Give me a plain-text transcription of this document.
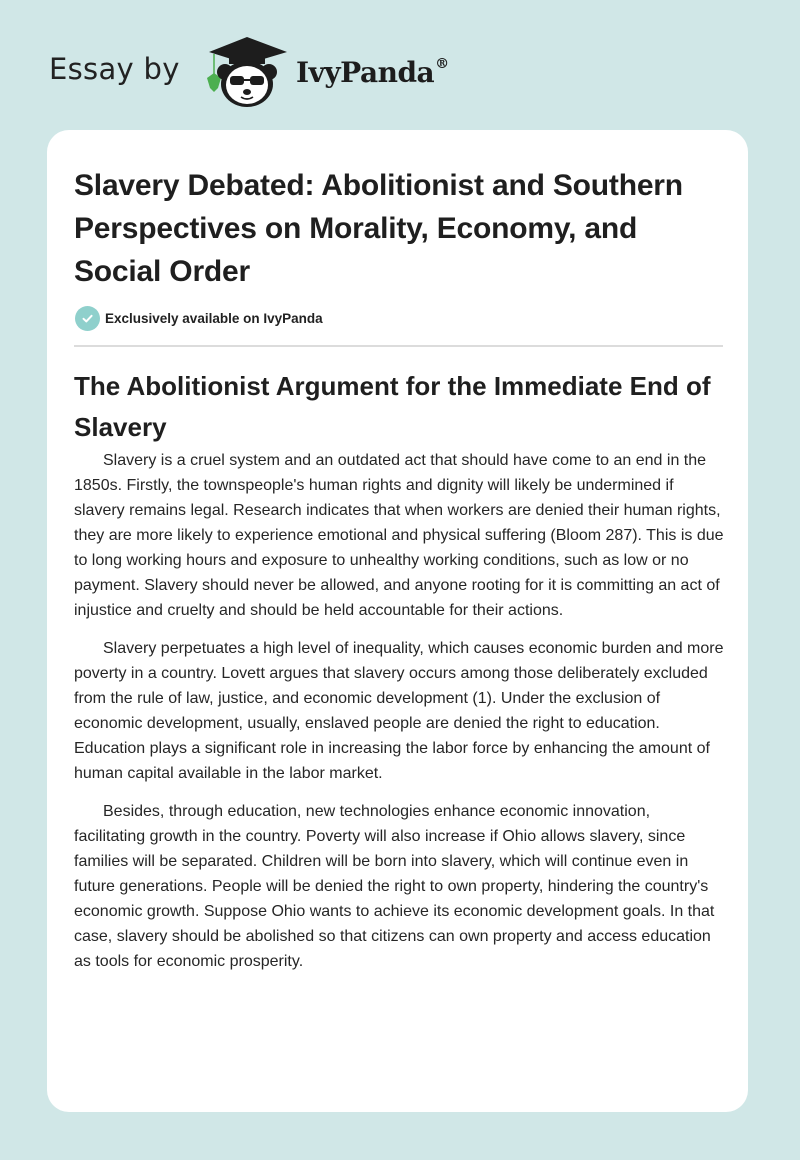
Essay by	IvyPanda®
Slavery Debated: Abolitionist and Southern Perspectives on Morality, Economy, and Social Order
Exclusively available on IvyPanda
The Abolitionist Argument for the Immediate End of Slavery

Slavery is a cruel system and an outdated act that should have come to an end in the 1850s. Firstly, the townspeople's human rights and dignity will likely be undermined if slavery remains legal. Research indicates that when workers are denied their human rights, they are more likely to experience emotional and physical suffering (Bloom 287). This is due to long working hours and exposure to unhealthy working conditions, such as low or no payment. Slavery should never be allowed, and anyone rooting for it is committing an act of injustice and cruelty and should be held accountable for their actions.

Slavery perpetuates a high level of inequality, which causes economic burden and more poverty in a country. Lovett argues that slavery occurs among those deliberately excluded from the rule of law, justice, and economic development (1). Under the exclusion of economic development, usually, enslaved people are denied the right to education. Education plays a significant role in increasing the labor force by enhancing the amount of human capital available in the labor market.

Besides, through education, new technologies enhance economic innovation, facilitating growth in the country. Poverty will also increase if Ohio allows slavery, since families will be separated. Children will be born into slavery, which will continue even in future generations. People will be denied the right to own property, hindering the country's economic growth. Suppose Ohio wants to achieve its economic development goals. In that case, slavery should be abolished so that citizens can own property and access education as tools for economic prosperity.
